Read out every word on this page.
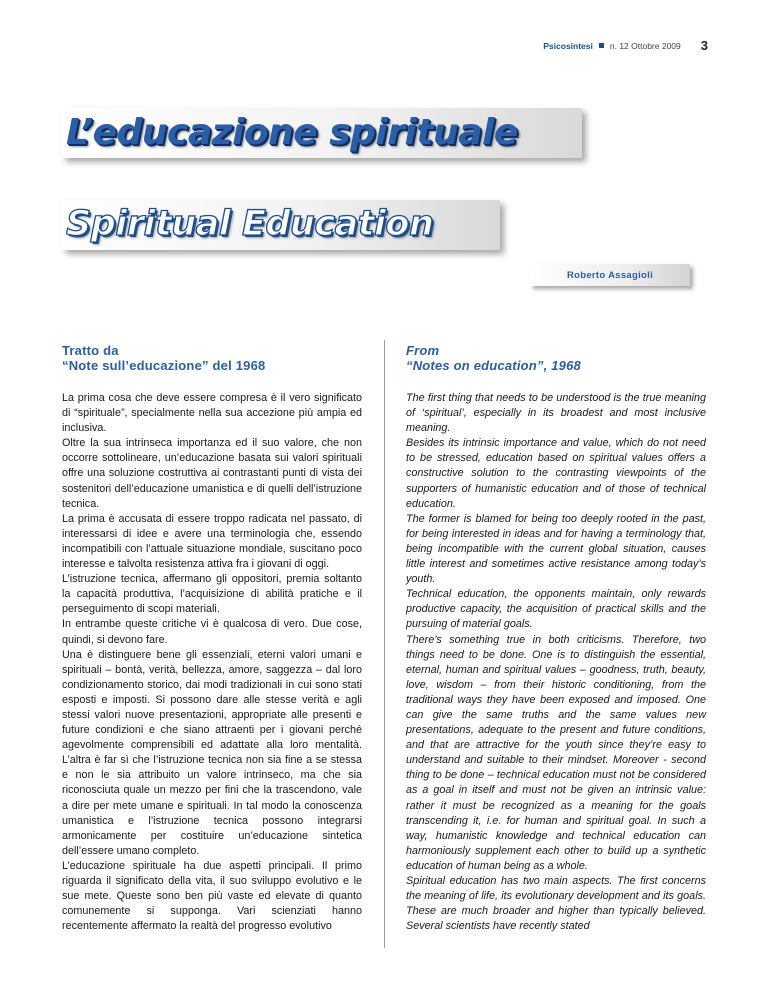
Psicosintesi n. 12 Ottobre 2009 3
L’educazione spirituale
Spiritual Education
Roberto Assagioli
Tratto da
“Note sull’educazione” del 1968

La prima cosa che deve essere compresa è il vero significato di “spirituale”, specialmente nella sua accezione più ampia ed inclusiva.

Oltre la sua intrinseca importanza ed il suo valore, che non occorre sottolineare, un’educazione basata sui valori spirituali offre una soluzione costruttiva ai contrastanti punti di vista dei sostenitori dell’educazione umanistica e di quelli dell’istruzione tecnica.

La prima è accusata di essere troppo radicata nel passato, di interessarsi di idee e avere una terminologia che, essendo incompatibili con l’attuale situazione mondiale, suscitano poco interesse e talvolta resistenza attiva fra i giovani di oggi.

L’istruzione tecnica, affermano gli oppositori, premia soltanto la capacità produttiva, l’acquisizione di abilità pratiche e il perseguimento di scopi materiali.

In entrambe queste critiche vi è qualcosa di vero. Due cose, quindi, si devono fare.

Una è distinguere bene gli essenziali, eterni valori umani e spirituali – bontà, verità, bellezza, amore, saggezza – dal loro condizionamento storico, dai modi tradizionali in cui sono stati esposti e imposti. Si possono dare alle stesse verità e agli stessi valori nuove presentazioni, appropriate alle presenti e future condizioni e che siano attraenti per i giovani perché agevolmente comprensibili ed adattate alla loro mentalità. L’altra è far sì che l’istruzione tecnica non sia fine a se stessa e non le sia attribuito un valore intrinseco, ma che sia riconosciuta quale un mezzo per fini che la trascendono, vale a dire per mete umane e spirituali. In tal modo la conoscenza umanistica e l’istruzione tecnica possono integrarsi armonicamente per costituire un’educazione sintetica dell’essere umano completo.

L’educazione spirituale ha due aspetti principali. Il primo riguarda il significato della vita, il suo sviluppo evolutivo e le sue mete. Queste sono ben più vaste ed elevate di quanto comunemente si supponga. Vari scienziati hanno recentemente affermato la realtà del progresso evolutivo

From
“Notes on education”, 1968

The first thing that needs to be understood is the true meaning of ‘spiritual’, especially in its broadest and most inclusive meaning.

Besides its intrinsic importance and value, which do not need to be stressed, education based on spiritual values offers a constructive solution to the contrasting viewpoints of the supporters of humanistic education and of those of technical education.

The former is blamed for being too deeply rooted in the past, for being interested in ideas and for having a terminology that, being incompatible with the current global situation, causes little interest and sometimes active resistance among today’s youth.

Technical education, the opponents maintain, only rewards productive capacity, the acquisition of practical skills and the pursuing of material goals.

There’s something true in both criticisms. Therefore, two things need to be done. One is to distinguish the essential, eternal, human and spiritual values – goodness, truth, beauty, love, wisdom – from their historic conditioning, from the traditional ways they have been exposed and imposed. One can give the same truths and the same values new presentations, adequate to the present and future conditions, and that are attractive for the youth since they’re easy to understand and suitable to their mindset. Moreover - second thing to be done – technical education must not be considered as a goal in itself and must not be given an intrinsic value: rather it must be recognized as a meaning for the goals transcending it, i.e. for human and spiritual goal. In such a way, humanistic knowledge and technical education can harmoniously supplement each other to build up a synthetic education of human being as a whole.

Spiritual education has two main aspects. The first concerns the meaning of life, its evolutionary development and its goals. These are much broader and higher than typically believed. Several scientists have recently stated
